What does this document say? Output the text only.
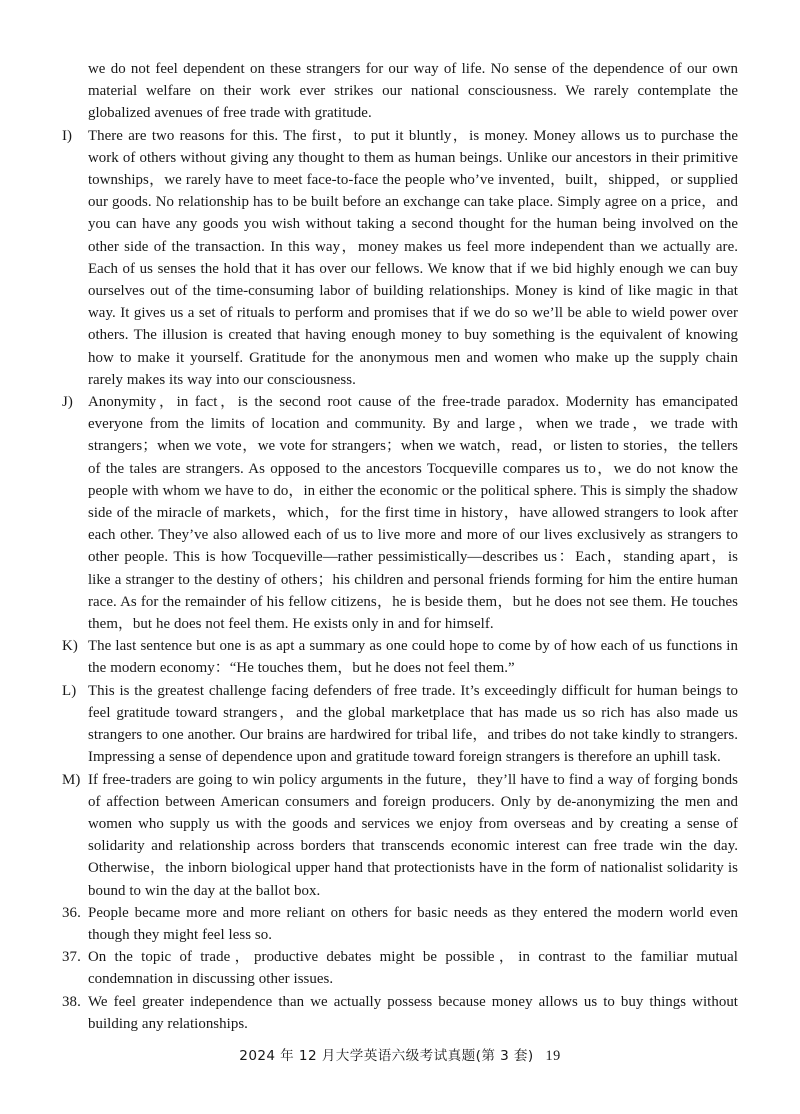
we do not feel dependent on these strangers for our way of life. No sense of the dependence of our own material welfare on their work ever strikes our national consciousness. We rarely contemplate the globalized avenues of free trade with gratitude.
I)	There are two reasons for this. The first，to put it bluntly，is money. Money allows us to purchase the work of others without giving any thought to them as human beings. Unlike our ancestors in their primitive townships，we rarely have to meet face-to-face the people who’ve invented，built，shipped，or supplied our goods. No relationship has to be built before an exchange can take place. Simply agree on a price，and you can have any goods you wish without taking a second thought for the human being involved on the other side of the transaction. In this way，money makes us feel more independent than we actually are. Each of us senses the hold that it has over our fellows. We know that if we bid highly enough we can buy ourselves out of the time-consuming labor of building relationships. Money is kind of like magic in that way. It gives us a set of rituals to perform and promises that if we do so we’ll be able to wield power over others. The illusion is created that having enough money to buy something is the equivalent of knowing how to make it yourself. Gratitude for the anonymous men and women who make up the supply chain rarely makes its way into our consciousness.
J)	Anonymity，in fact，is the second root cause of the free-trade paradox. Modernity has emancipated everyone from the limits of location and community. By and large，when we trade，we trade with strangers；when we vote，we vote for strangers；when we watch，read，or listen to stories，the tellers of the tales are strangers. As opposed to the ancestors Tocqueville compares us to，we do not know the people with whom we have to do，in either the economic or the political sphere. This is simply the shadow side of the miracle of markets，which，for the first time in history，have allowed strangers to look after each other. They’ve also allowed each of us to live more and more of our lives exclusively as strangers to other people. This is how Tocqueville—rather pessimistically—describes us：Each，standing apart，is like a stranger to the destiny of others；his children and personal friends forming for him the entire human race. As for the remainder of his fellow citizens，he is beside them，but he does not see them. He touches them，but he does not feel them. He exists only in and for himself.
K) The last sentence but one is as apt a summary as one could hope to come by of how each of us functions in the modern economy：“He touches them，but he does not feel them.”
L) This is the greatest challenge facing defenders of free trade. It’s exceedingly difficult for human beings to feel gratitude toward strangers，and the global marketplace that has made us so rich has also made us strangers to one another. Our brains are hardwired for tribal life，and tribes do not take kindly to strangers. Impressing a sense of dependence upon and gratitude toward foreign strangers is therefore an uphill task.
M) If free-traders are going to win policy arguments in the future，they’ll have to find a way of forging bonds of affection between American consumers and foreign producers. Only by de-anonymizing the men and women who supply us with the goods and services we enjoy from overseas and by creating a sense of solidarity and relationship across borders that transcends economic interest can free trade win the day. Otherwise，the inborn biological upper hand that protectionists have in the form of nationalist solidarity is bound to win the day at the ballot box.
36. People became more and more reliant on others for basic needs as they entered the modern world even though they might feel less so.
37. On the topic of trade，productive debates might be possible，in contrast to the familiar mutual condemnation in discussing other issues.
38. We feel greater independence than we actually possess because money allows us to buy things without building any relationships.
2024 年 12 月大学英语六级考试真题(第 3 套) 19
